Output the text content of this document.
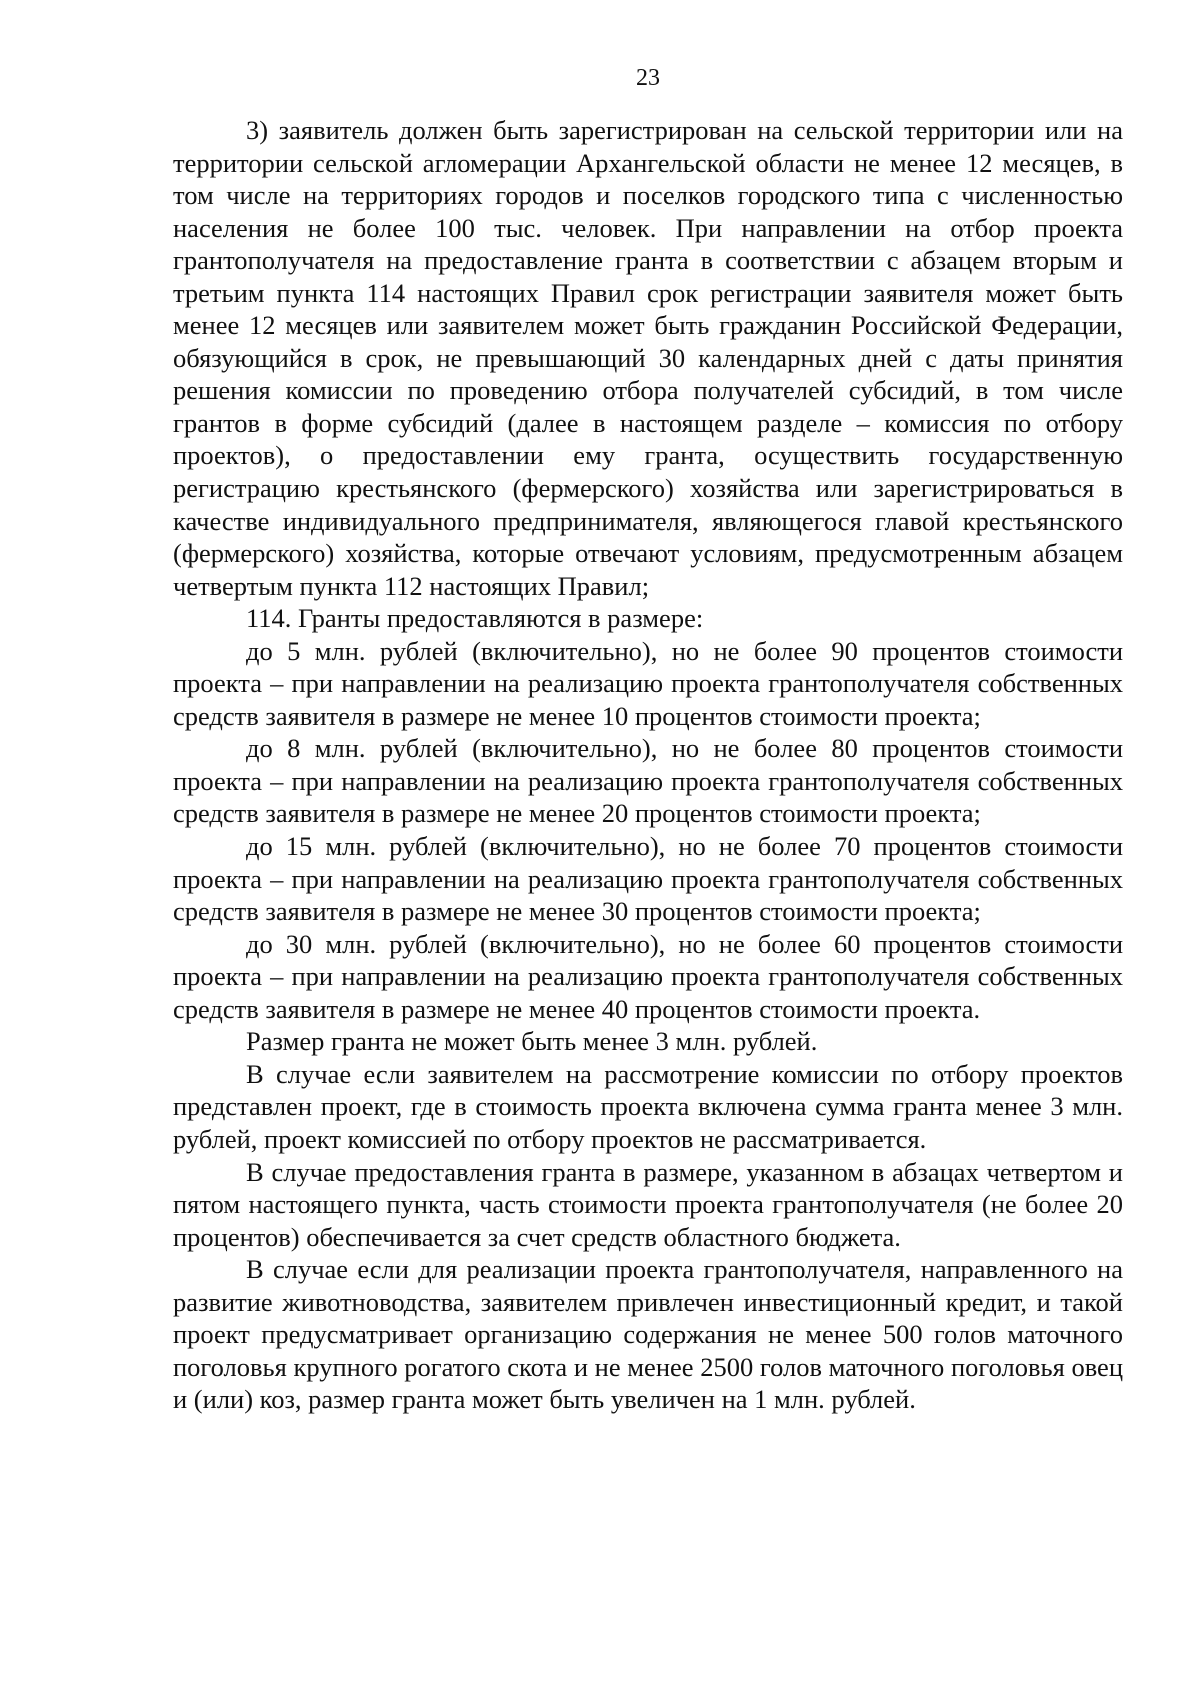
23

3) заявитель должен быть зарегистрирован на сельской территории или на территории сельской агломерации Архангельской области не менее 12 месяцев, в том числе на территориях городов и поселков городского типа с численностью населения не более 100 тыс. человек. При направлении на отбор проекта грантополучателя на предоставление гранта в соответствии с абзацем вторым и третьим пункта 114 настоящих Правил срок регистрации заявителя может быть менее 12 месяцев или заявителем может быть гражданин Российской Федерации, обязующийся в срок, не превышающий 30 календарных дней с даты принятия решения комиссии по проведению отбора получателей субсидий, в том числе грантов в форме субсидий (далее в настоящем разделе – комиссия по отбору проектов), о предоставлении ему гранта, осуществить государственную регистрацию крестьянского (фермерского) хозяйства или зарегистрироваться в качестве индивидуального предпринимателя, являющегося главой крестьянского (фермерского) хозяйства, которые отвечают условиям, предусмотренным абзацем четвертым пункта 112 настоящих Правил;

114. Гранты предоставляются в размере:

до 5 млн. рублей (включительно), но не более 90 процентов стоимости проекта – при направлении на реализацию проекта грантополучателя собственных средств заявителя в размере не менее 10 процентов стоимости проекта;

до 8 млн. рублей (включительно), но не более 80 процентов стоимости проекта – при направлении на реализацию проекта грантополучателя собственных средств заявителя в размере не менее 20 процентов стоимости проекта;

до 15 млн. рублей (включительно), но не более 70 процентов стоимости проекта – при направлении на реализацию проекта грантополучателя собственных средств заявителя в размере не менее 30 процентов стоимости проекта;

до 30 млн. рублей (включительно), но не более 60 процентов стоимости проекта – при направлении на реализацию проекта грантополучателя собственных средств заявителя в размере не менее 40 процентов стоимости проекта.

Размер гранта не может быть менее 3 млн. рублей.

В случае если заявителем на рассмотрение комиссии по отбору проектов представлен проект, где в стоимость проекта включена сумма гранта менее 3 млн. рублей, проект комиссией по отбору проектов не рассматривается.

В случае предоставления гранта в размере, указанном в абзацах четвертом и пятом настоящего пункта, часть стоимости проекта грантополучателя (не более 20 процентов) обеспечивается за счет средств областного бюджета.

В случае если для реализации проекта грантополучателя, направленного на развитие животноводства, заявителем привлечен инвестиционный кредит, и такой проект предусматривает организацию содержания не менее 500 голов маточного поголовья крупного рогатого скота и не менее 2500 голов маточного поголовья овец и (или) коз, размер гранта может быть увеличен на 1 млн. рублей.
